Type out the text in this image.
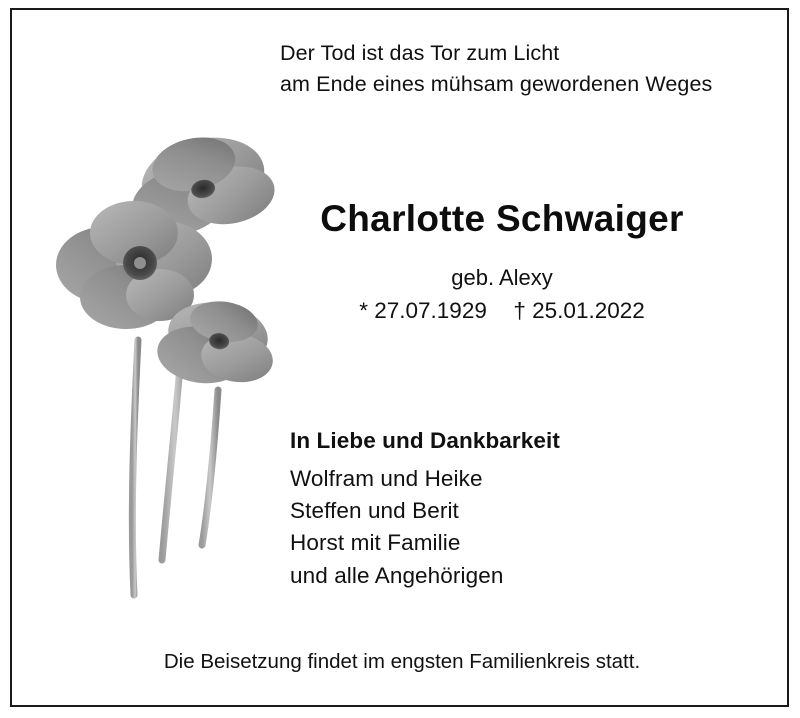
Der Tod ist das Tor zum Licht
am Ende eines mühsam gewordenen Weges
Charlotte Schwaiger
geb. Alexy
* 27.07.1929 † 25.01.2022
In Liebe und Dankbarkeit
Wolfram und Heike
Steffen und Berit
Horst mit Familie
und alle Angehörigen
Die Beisetzung findet im engsten Familienkreis statt.
